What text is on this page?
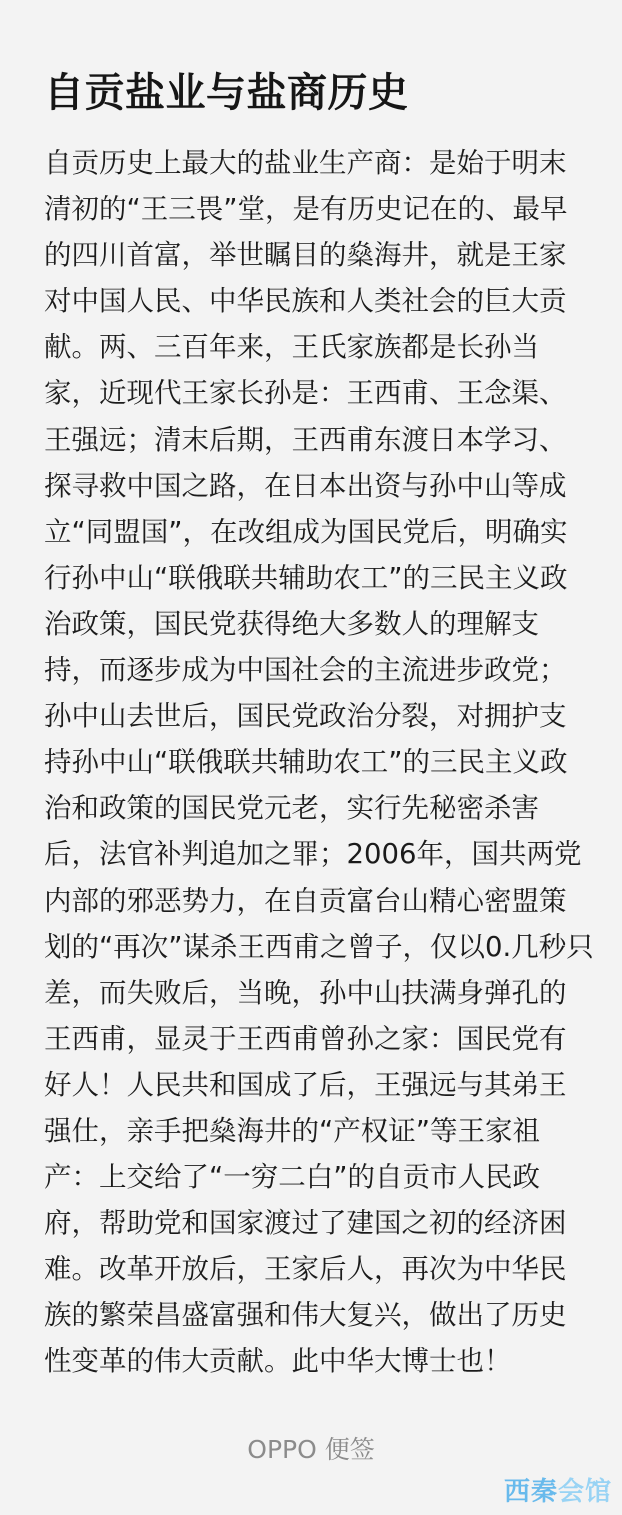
自贡盐业与盐商历史
自贡历史上最大的盐业生产商：是始于明末
清初的“王三畏”堂，是有历史记在的、最早
的四川首富，举世瞩目的燊海井，就是王家
对中国人民、中华民族和人类社会的巨大贡
献。两、三百年来，王氏家族都是长孙当
家，近现代王家长孙是：王西甫、王念渠、
王强远；清末后期，王西甫东渡日本学习、
探寻救中国之路，在日本出资与孙中山等成
立“同盟国”，在改组成为国民党后，明确实
行孙中山“联俄联共辅助农工”的三民主义政
治政策，国民党获得绝大多数人的理解支
持，而逐步成为中国社会的主流进步政党；
孙中山去世后，国民党政治分裂，对拥护支
持孙中山“联俄联共辅助农工”的三民主义政
治和政策的国民党元老，实行先秘密杀害
后，法官补判追加之罪；2006年，国共两党
内部的邪恶势力，在自贡富台山精心密盟策
划的“再次”谋杀王西甫之曾子，仅以0.几秒只
差，而失败后，当晚，孙中山扶满身弹孔的
王西甫，显灵于王西甫曾孙之家：国民党有
好人！人民共和国成了后，王强远与其弟王
强仕，亲手把燊海井的“产权证”等王家祖
产：上交给了“一穷二白”的自贡市人民政
府，帮助党和国家渡过了建国之初的经济困
难。改革开放后，王家后人，再次为中华民
族的繁荣昌盛富强和伟大复兴，做出了历史
性变革的伟大贡献。此中华大博士也！
OPPO 便签
西秦会馆
